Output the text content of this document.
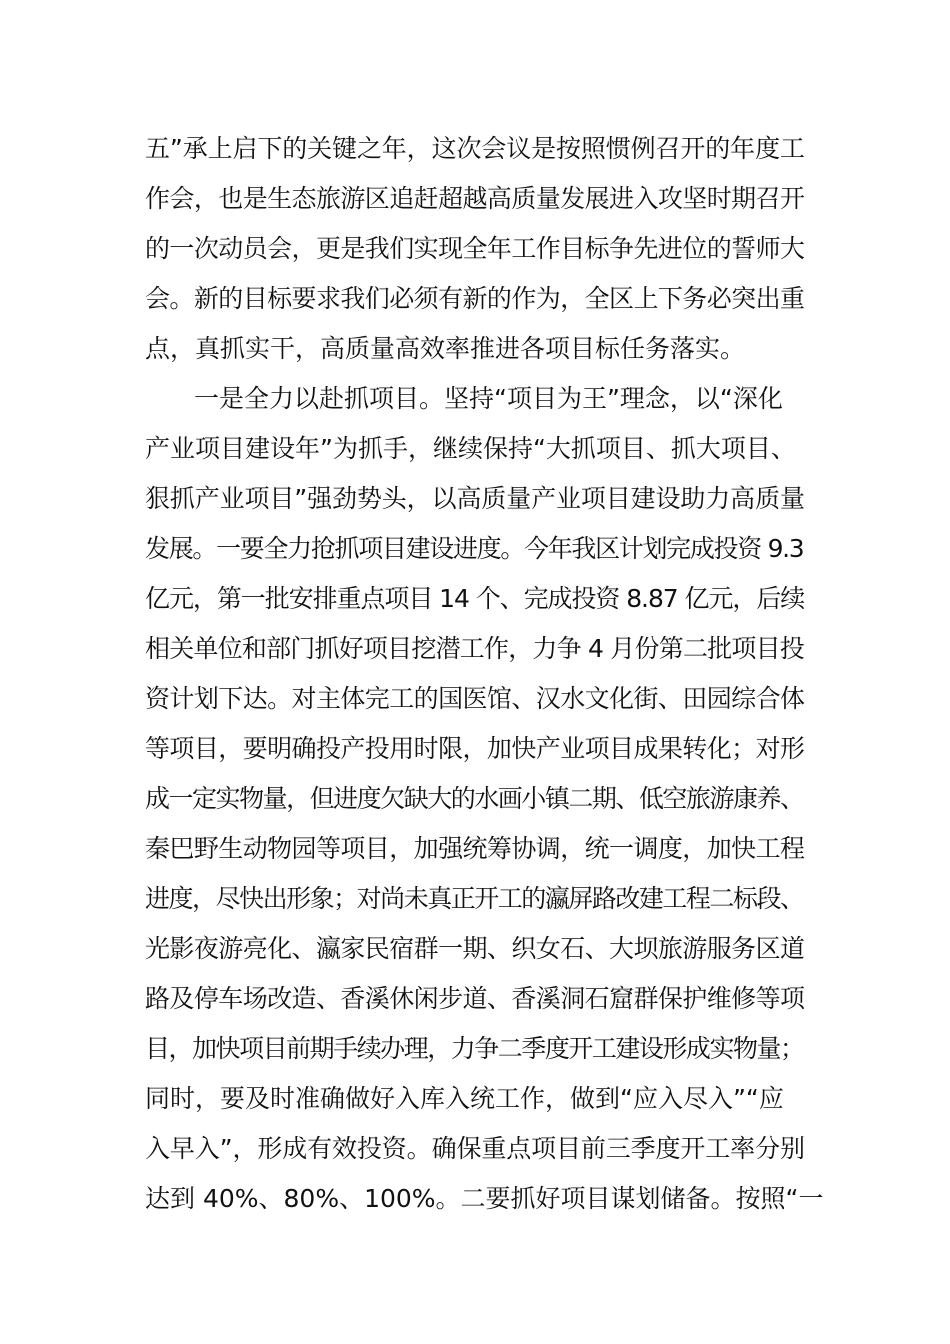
五”承上启下的关键之年，这次会议是按照惯例召开的年度工
作会，也是生态旅游区追赶超越高质量发展进入攻坚时期召开
的一次动员会，更是我们实现全年工作目标争先进位的誓师大
会。新的目标要求我们必须有新的作为，全区上下务必突出重
点，真抓实干，高质量高效率推进各项目标任务落实。
一是全力以赴抓项目。坚持“项目为王”理念，以“深化
产业项目建设年”为抓手，继续保持“大抓项目、抓大项目、
狠抓产业项目”强劲势头，以高质量产业项目建设助力高质量
发展。一要全力抢抓项目建设进度。今年我区计划完成投资 9.3
亿元，第一批安排重点项目 14 个、完成投资 8.87 亿元，后续
相关单位和部门抓好项目挖潜工作，力争 4 月份第二批项目投
资计划下达。对主体完工的国医馆、汉水文化街、田园综合体
等项目，要明确投产投用时限，加快产业项目成果转化；对形
成一定实物量，但进度欠缺大的水画小镇二期、低空旅游康养、
秦巴野生动物园等项目，加强统筹协调，统一调度，加快工程
进度，尽快出形象；对尚未真正开工的瀛屏路改建工程二标段、
光影夜游亮化、瀛家民宿群一期、织女石、大坝旅游服务区道
路及停车场改造、香溪休闲步道、香溪洞石窟群保护维修等项
目，加快项目前期手续办理，力争二季度开工建设形成实物量；
同时，要及时准确做好入库入统工作，做到“应入尽入”“应
入早入”，形成有效投资。确保重点项目前三季度开工率分别
达到 40%、80%、100%。二要抓好项目谋划储备。按照“一
